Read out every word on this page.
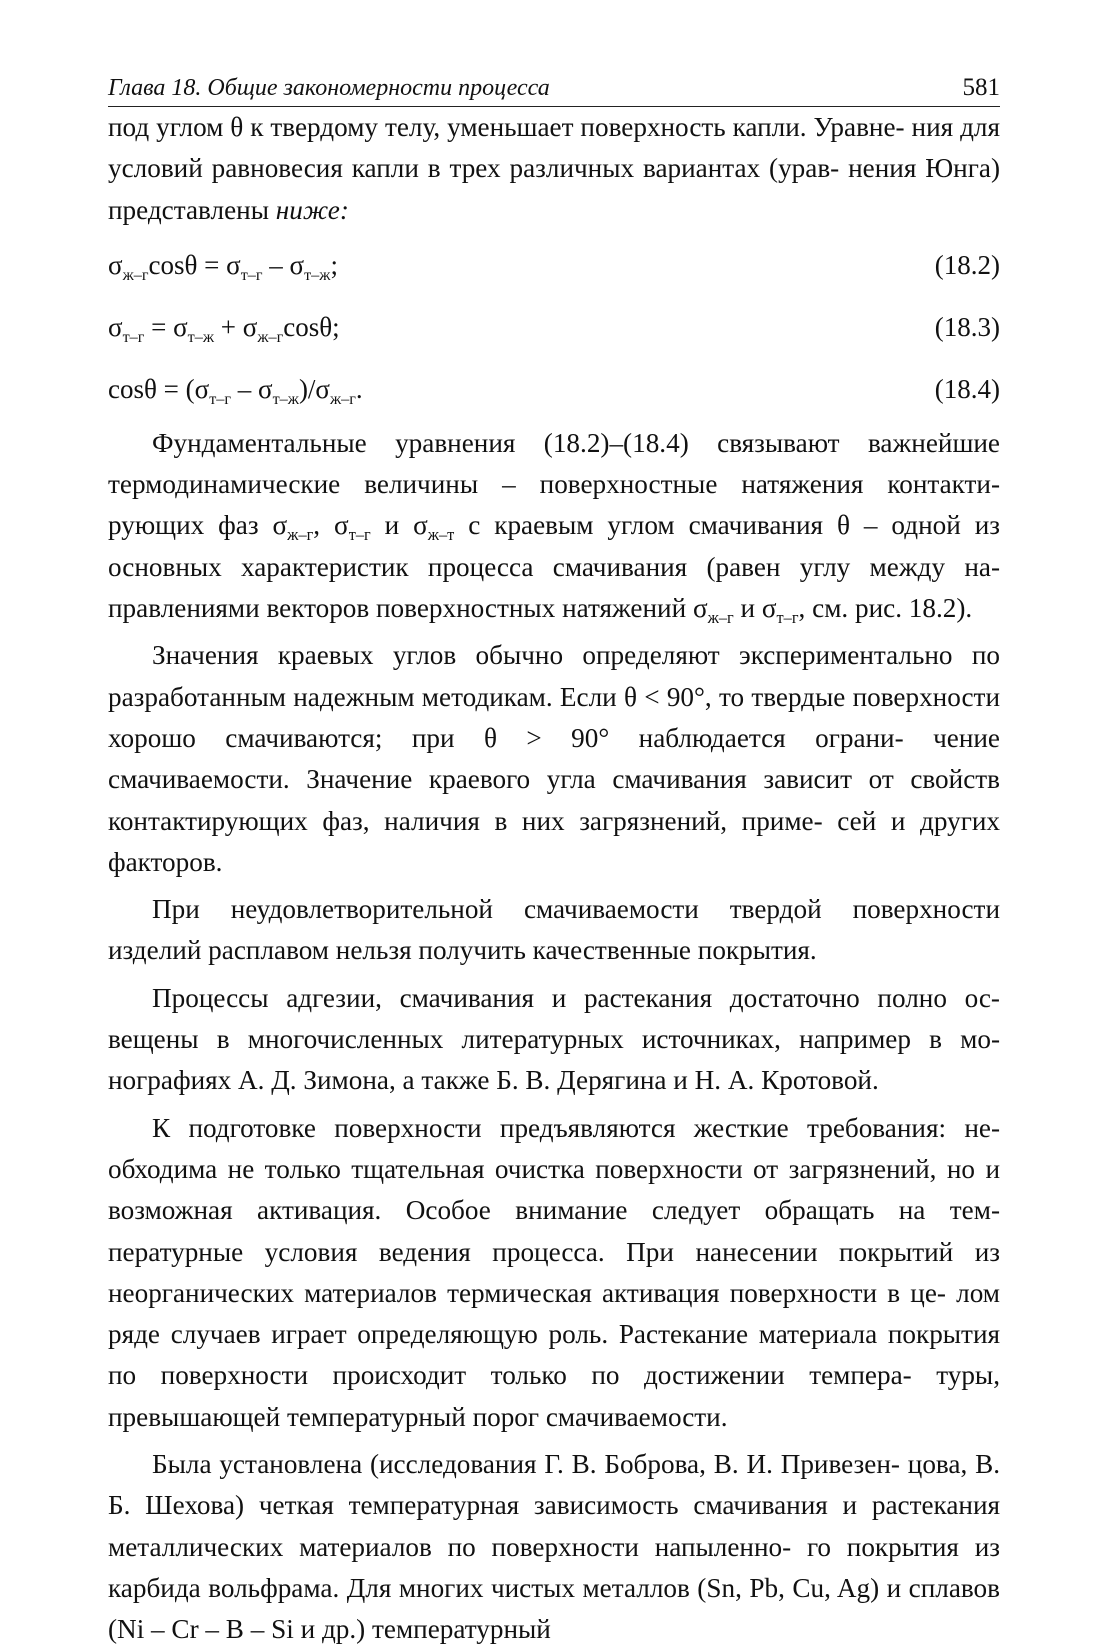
Глава 18. Общие закономерности процесса	581

под углом θ к твердому телу, уменьшает поверхность капли. Уравне- ния для условий равновесия капли в трех различных вариантах (урав- нения Юнга) представлены ниже:

$\sigma_{ж-г}\cos\theta = \sigma_{т-г} - \sigma_{т-ж}$;	(18.2)
$\sigma_{т-г} = \sigma_{т-ж} + \sigma_{ж-г}\cos\theta$;	(18.3)
$\cos\theta = (\sigma_{т-г} - \sigma_{т-ж})/\sigma_{ж-г}$.	(18.4)

Фундаментальные уравнения (18.2)–(18.4) связывают важнейшие термодинамические величины – поверхностные натяжения контакти- рующих фаз $\sigma_{ж-г}$, $\sigma_{т-г}$ и $\sigma_{ж-т}$ с краевым углом смачивания θ – одной из основных характеристик процесса смачивания (равен углу между на- правлениями векторов поверхностных натяжений $\sigma_{ж-г}$ и $\sigma_{т-г}$, см. рис. 18.2).

Значения краевых углов обычно определяют экспериментально по разработанным надежным методикам. Если θ < 90°, то твердые поверхности хорошо смачиваются; при θ > 90° наблюдается ограни- чение смачиваемости. Значение краевого угла смачивания зависит от свойств контактирующих фаз, наличия в них загрязнений, приме- сей и других факторов.

При неудовлетворительной смачиваемости твердой поверхности изделий расплавом нельзя получить качественные покрытия.

Процессы адгезии, смачивания и растекания достаточно полно ос- вещены в многочисленных литературных источниках, например в мо- нографиях А. Д. Зимона, а также Б. В. Дерягина и Н. А. Кротовой.

К подготовке поверхности предъявляются жесткие требования: не- обходима не только тщательная очистка поверхности от загрязнений, но и возможная активация. Особое внимание следует обращать на тем- пературные условия ведения процесса. При нанесении покрытий из неорганических материалов термическая активация поверхности в це- лом ряде случаев играет определяющую роль. Растекание материала покрытия по поверхности происходит только по достижении темпера- туры, превышающей температурный порог смачиваемости.

Была установлена (исследования Г. В. Боброва, В. И. Привезен- цова, В. Б. Шехова) четкая температурная зависимость смачивания и растекания металлических материалов по поверхности напыленно- го покрытия из карбида вольфрама. Для многих чистых металлов (Sn, Pb, Cu, Ag) и сплавов (Ni – Cr – B – Si и др.) температурный
